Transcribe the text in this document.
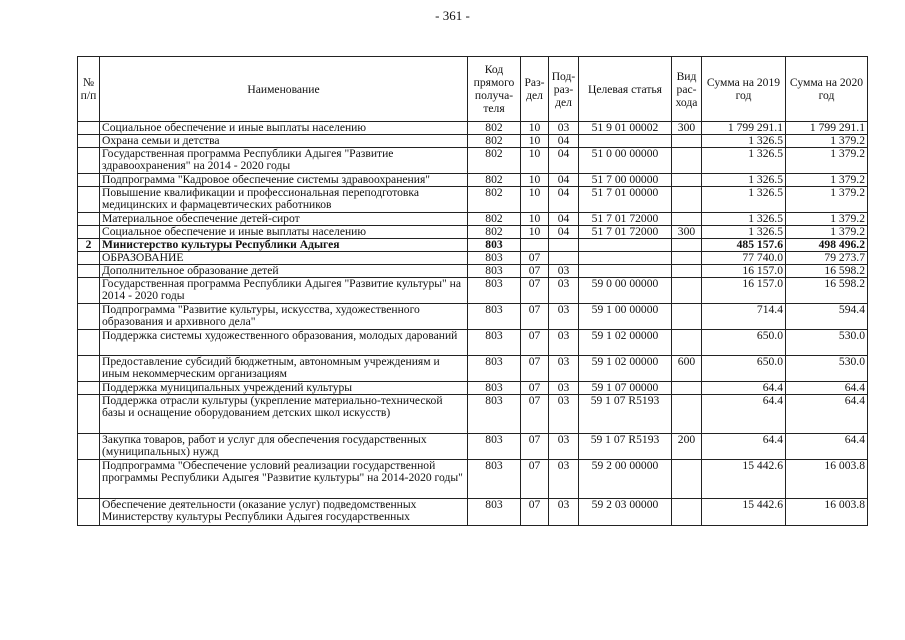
- 361 -
№ п/п	Наименование	Код прямого получа-теля	Раз-дел	Под-раз-дел	Целевая статья	Вид рас-хода	Сумма на 2019 год	Сумма на 2020 год
	Социальное обеспечение и иные выплаты населению	802	10	03	51 9 01 00002	300	1 799 291.1	1 799 291.1
	Охрана семьи и детства	802	10	04			1 326.5	1 379.2
	Государственная программа Республики Адыгея "Развитие здравоохранения" на 2014 - 2020 годы	802	10	04	51 0 00 00000		1 326.5	1 379.2
	Подпрограмма "Кадровое обеспечение системы здравоохранения"	802	10	04	51 7 00 00000		1 326.5	1 379.2
	Повышение квалификации и профессиональная переподготовка медицинских и фармацевтических работников	802	10	04	51 7 01 00000		1 326.5	1 379.2
	Материальное обеспечение детей-сирот	802	10	04	51 7 01 72000		1 326.5	1 379.2
	Социальное обеспечение и иные выплаты населению	802	10	04	51 7 01 72000	300	1 326.5	1 379.2
2	Министерство культуры Республики Адыгея	803					485 157.6	498 496.2
	ОБРАЗОВАНИЕ	803	07				77 740.0	79 273.7
	Дополнительное образование детей	803	07	03			16 157.0	16 598.2
	Государственная программа Республики Адыгея "Развитие культуры" на 2014 - 2020 годы	803	07	03	59 0 00 00000		16 157.0	16 598.2
	Подпрограмма "Развитие культуры, искусства, художественного образования и архивного дела"	803	07	03	59 1 00 00000		714.4	594.4
	Поддержка системы художественного образования, молодых дарований	803	07	03	59 1 02 00000		650.0	530.0
	Предоставление субсидий бюджетным, автономным учреждениям и иным некоммерческим организациям	803	07	03	59 1 02 00000	600	650.0	530.0
	Поддержка муниципальных учреждений культуры	803	07	03	59 1 07 00000		64.4	64.4
	Поддержка отрасли культуры (укрепление материально-технической базы и оснащение оборудованием детских школ искусств)	803	07	03	59 1 07 R5193		64.4	64.4
	Закупка товаров, работ и услуг для обеспечения государственных (муниципальных) нужд	803	07	03	59 1 07 R5193	200	64.4	64.4
	Подпрограмма "Обеспечение условий реализации государственной программы Республики Адыгея "Развитие культуры" на 2014-2020 годы"	803	07	03	59 2 00 00000		15 442.6	16 003.8
	Обеспечение деятельности (оказание услуг) подведомственных Министерству культуры Республики Адыгея государственных	803	07	03	59 2 03 00000		15 442.6	16 003.8
